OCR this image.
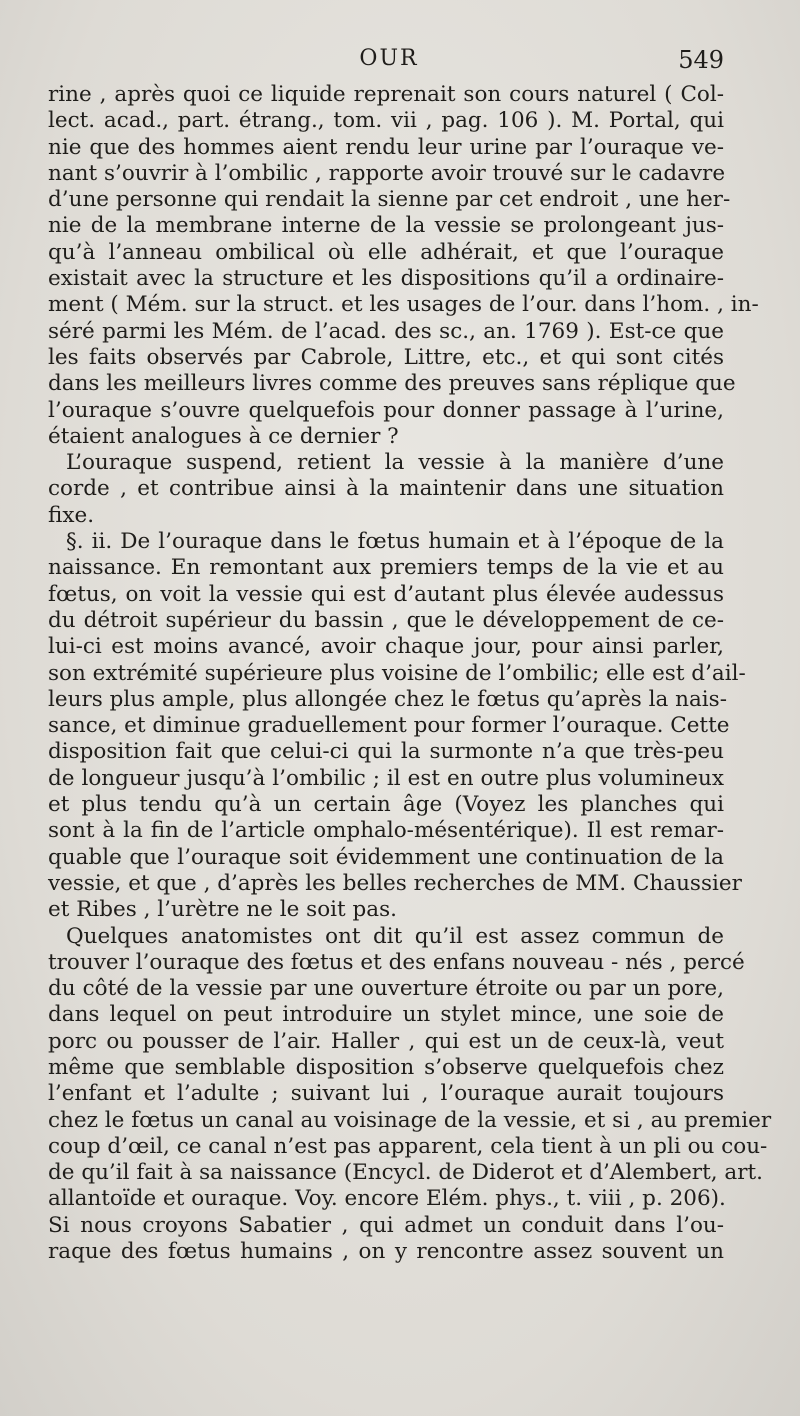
OUR	549
rine , après quoi ce liquide reprenait son cours naturel ( Col-
lect. acad., part. étrang., tom. vii , pag. 106 ). M. Portal, qui
nie que des hommes aient rendu leur urine par l’ouraque ve-
nant s’ouvrir à l’ombilic , rapporte avoir trouvé sur le cadavre
d’une personne qui rendait la sienne par cet endroit , une her-
nie de la membrane interne de la vessie se prolongeant jus-
qu’à l’anneau ombilical où elle adhérait, et que l’ouraque
existait avec la structure et les dispositions qu’il a ordinaire-
ment ( Mém. sur la struct. et les usages de l’our. dans l’hom. , in-
séré parmi les Mém. de l’acad. des sc., an. 1769 ). Est-ce que
les faits observés par Cabrole, Littre, etc., et qui sont cités
dans les meilleurs livres comme des preuves sans réplique que
l’ouraque s’ouvre quelquefois pour donner passage à l’urine,
étaient analogues à ce dernier ?
L’ouraque suspend, retient la vessie à la manière d’une
corde , et contribue ainsi à la maintenir dans une situation
fixe.
§. ii. De l’ouraque dans le fœtus humain et à l’époque de la
naissance. En remontant aux premiers temps de la vie et au
fœtus, on voit la vessie qui est d’autant plus élevée audessus
du détroit supérieur du bassin , que le développement de ce-
lui-ci est moins avancé, avoir chaque jour, pour ainsi parler,
son extrémité supérieure plus voisine de l’ombilic; elle est d’ail-
leurs plus ample, plus allongée chez le fœtus qu’après la nais-
sance, et diminue graduellement pour former l’ouraque. Cette
disposition fait que celui-ci qui la surmonte n’a que très-peu
de longueur jusqu’à l’ombilic ; il est en outre plus volumineux
et plus tendu qu’à un certain âge (Voyez les planches qui
sont à la fin de l’article omphalo-mésentérique). Il est remar-
quable que l’ouraque soit évidemment une continuation de la
vessie, et que , d’après les belles recherches de MM. Chaussier
et Ribes , l’urètre ne le soit pas.
Quelques anatomistes ont dit qu’il est assez commun de
trouver l’ouraque des fœtus et des enfans nouveau - nés , percé
du côté de la vessie par une ouverture étroite ou par un pore,
dans lequel on peut introduire un stylet mince, une soie de
porc ou pousser de l’air. Haller , qui est un de ceux-là, veut
même que semblable disposition s’observe quelquefois chez
l’enfant et l’adulte ; suivant lui , l’ouraque aurait toujours
chez le fœtus un canal au voisinage de la vessie, et si , au premier
coup d’œil, ce canal n’est pas apparent, cela tient à un pli ou cou-
de qu’il fait à sa naissance (Encycl. de Diderot et d’Alembert, art.
allantoïde et ouraque. Voy. encore Elém. phys., t. viii , p. 206).
Si nous croyons Sabatier , qui admet un conduit dans l’ou-
raque des fœtus humains , on y rencontre assez souvent un
